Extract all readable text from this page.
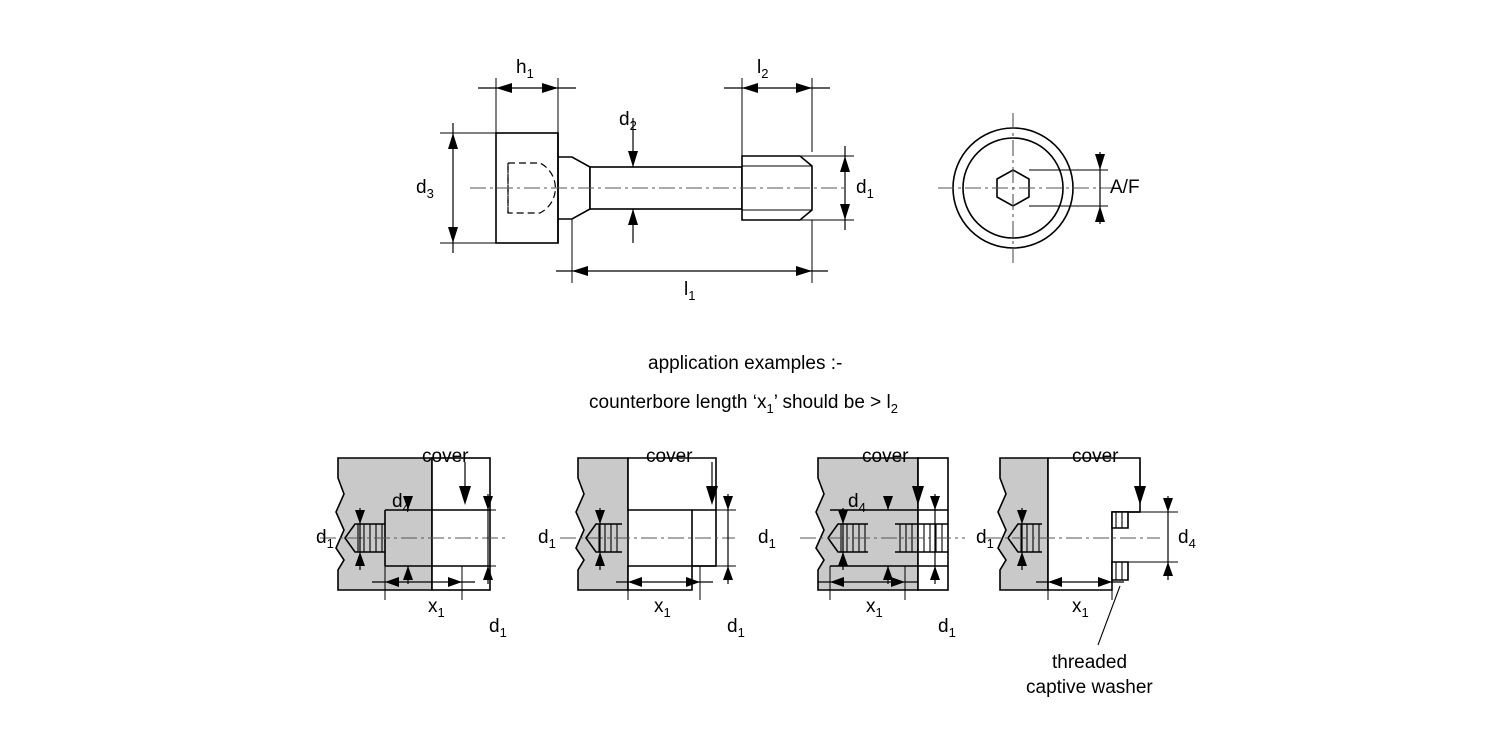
$h_1$
$d_2$
$l_2$
$d_3$	$d_1$
$l_1$
A/F
application examples :-
counterbore length ‘$x_1$’ should be > $l_2$
cover
$d_4$
$d_1$
$x_1$
$d_1$
cover
$d_1$
$x_1$
$d_1$
cover
$d_4$
$d_1$
$x_1$
$d_1$
cover
$d_1$	$d_4$
$x_1$
threaded
captive washer
